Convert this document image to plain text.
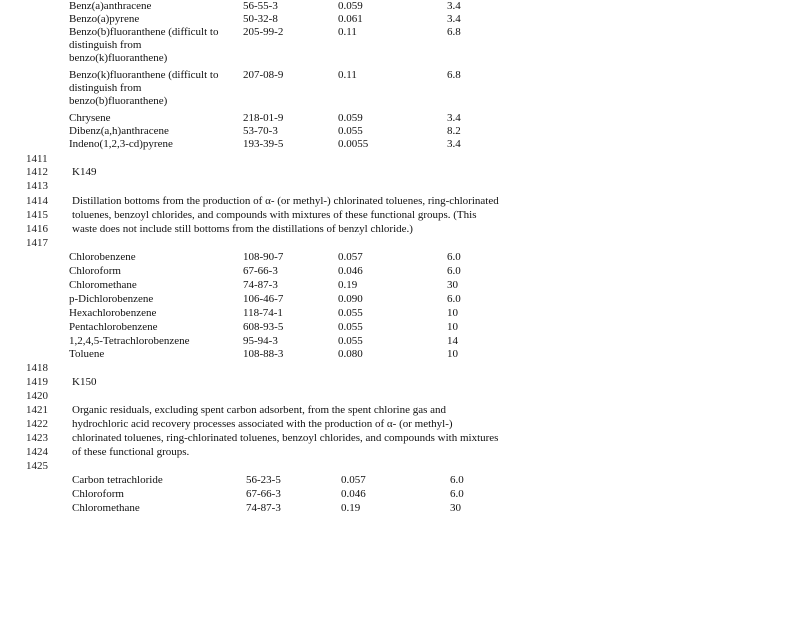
Benz(a)anthracene	56-55-3	0.059	3.4
Benzo(a)pyrene	50-32-8	0.061	3.4
Benzo(b)fluoranthene (difficult to distinguish from benzo(k)fluoranthene)
205-99-2	0.11	6.8
Benzo(k)fluoranthene (difficult to distinguish from benzo(b)fluoranthene)
207-08-9	0.11	6.8
Chrysene	218-01-9	0.059	3.4
Dibenz(a,h)anthracene	53-70-3	0.055	8.2
Indeno(1,2,3-cd)pyrene	193-39-5	0.0055	3.4
1411
1412
1413
1414
1415
1416
1417
1418
1419
1420
1421
1422
1423
1424
1425
K149
Distillation bottoms from the production of α- (or methyl-) chlorinated toluenes, ring-chlorinated
toluenes, benzoyl chlorides, and compounds with mixtures of these functional groups. (This
waste does not include still bottoms from the distillations of benzyl chloride.)
Chlorobenzene	108-90-7	0.057	6.0
Chloroform	67-66-3	0.046	6.0
Chloromethane	74-87-3	0.19	30
p-Dichlorobenzene	106-46-7	0.090	6.0
Hexachlorobenzene	118-74-1	0.055	10
Pentachlorobenzene	608-93-5	0.055	10
1,2,4,5-Tetrachlorobenzene	95-94-3	0.055	14
Toluene	108-88-3	0.080	10
K150
Organic residuals, excluding spent carbon adsorbent, from the spent chlorine gas and
hydrochloric acid recovery processes associated with the production of α- (or methyl-)
chlorinated toluenes, ring-chlorinated toluenes, benzoyl chlorides, and compounds with mixtures
of these functional groups.
Carbon tetrachloride	56-23-5	0.057	6.0
Chloroform	67-66-3	0.046	6.0
Chloromethane	74-87-3	0.19	30
